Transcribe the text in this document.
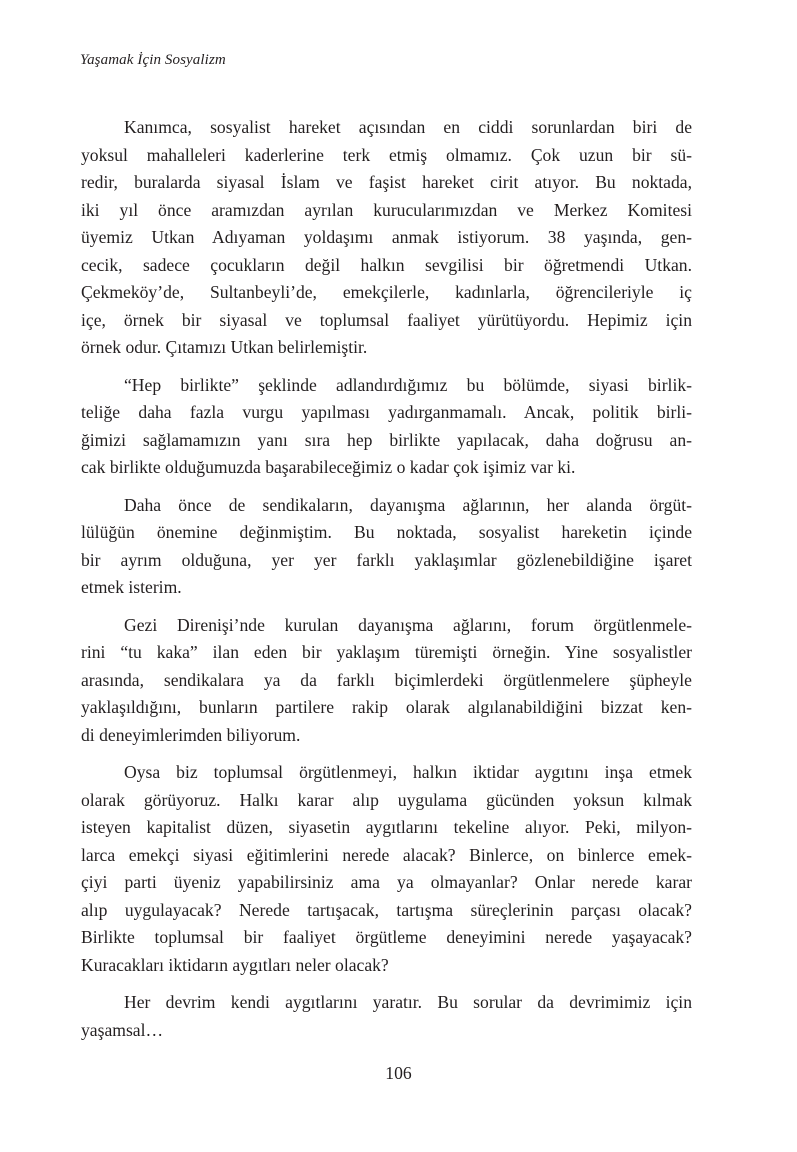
Yaşamak İçin Sosyalizm

Kanımca, sosyalist hareket açısından en ciddi sorunlardan biri de
yoksul mahalleleri kaderlerine terk etmiş olmamız. Çok uzun bir sü-
redir, buralarda siyasal İslam ve faşist hareket cirit atıyor. Bu noktada,
iki yıl önce aramızdan ayrılan kurucularımızdan ve Merkez Komitesi
üyemiz Utkan Adıyaman yoldaşımı anmak istiyorum. 38 yaşında, gen-
cecik, sadece çocukların değil halkın sevgilisi bir öğretmendi Utkan.
Çekmeköy’de, Sultanbeyli’de, emekçilerle, kadınlarla, öğrencileriyle iç
içe, örnek bir siyasal ve toplumsal faaliyet yürütüyordu. Hepimiz için
örnek odur. Çıtamızı Utkan belirlemiştir.
“Hep birlikte” şeklinde adlandırdığımız bu bölümde, siyasi birlik-
teliğe daha fazla vurgu yapılması yadırganmamalı. Ancak, politik birli-
ğimizi sağlamamızın yanı sıra hep birlikte yapılacak, daha doğrusu an-
cak birlikte olduğumuzda başarabileceğimiz o kadar çok işimiz var ki.
Daha önce de sendikaların, dayanışma ağlarının, her alanda örgüt-
lülüğün önemine değinmiştim. Bu noktada, sosyalist hareketin içinde
bir ayrım olduğuna, yer yer farklı yaklaşımlar gözlenebildiğine işaret
etmek isterim.
Gezi Direnişi’nde kurulan dayanışma ağlarını, forum örgütlenmele-
rini “tu kaka” ilan eden bir yaklaşım türemişti örneğin. Yine sosyalistler
arasında, sendikalara ya da farklı biçimlerdeki örgütlenmelere şüpheyle
yaklaşıldığını, bunların partilere rakip olarak algılanabildiğini bizzat ken-
di deneyimlerimden biliyorum.
Oysa biz toplumsal örgütlenmeyi, halkın iktidar aygıtını inşa etmek
olarak görüyoruz. Halkı karar alıp uygulama gücünden yoksun kılmak
isteyen kapitalist düzen, siyasetin aygıtlarını tekeline alıyor. Peki, milyon-
larca emekçi siyasi eğitimlerini nerede alacak? Binlerce, on binlerce emek-
çiyi parti üyeniz yapabilirsiniz ama ya olmayanlar? Onlar nerede karar
alıp uygulayacak? Nerede tartışacak, tartışma süreçlerinin parçası olacak?
Birlikte toplumsal bir faaliyet örgütleme deneyimini nerede yaşayacak?
Kuracakları iktidarın aygıtları neler olacak?
Her devrim kendi aygıtlarını yaratır. Bu sorular da devrimimiz için
yaşamsal…

106
